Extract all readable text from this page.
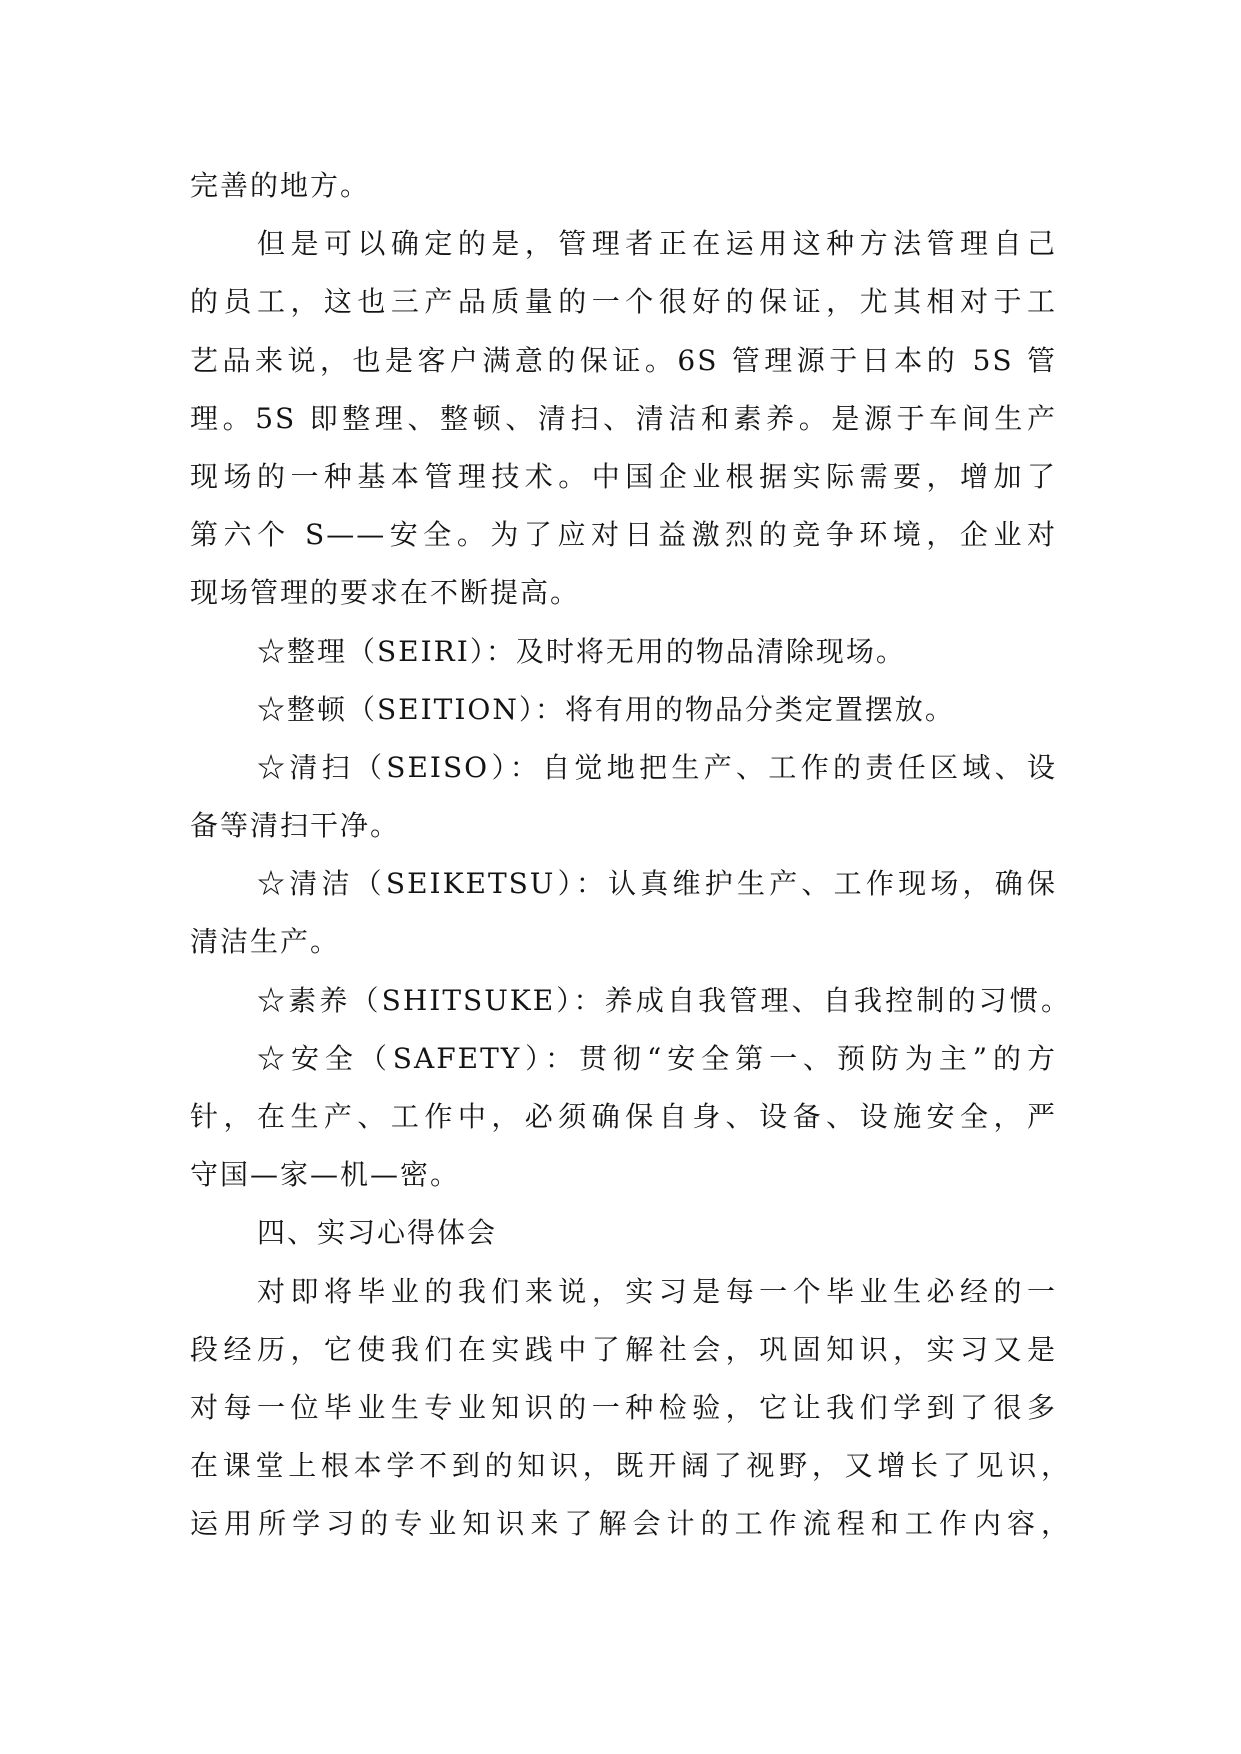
完善的地方。
但是可以确定的是，管理者正在运用这种方法管理自己
的员工，这也三产品质量的一个很好的保证，尤其相对于工
艺品来说，也是客户满意的保证。6S 管理源于日本的 5S 管
理。5S 即整理、整顿、清扫、清洁和素养。是源于车间生产
现场的一种基本管理技术。中国企业根据实际需要，增加了
第六个 S——安全。为了应对日益激烈的竞争环境，企业对
现场管理的要求在不断提高。
☆整理（SEIRI）：及时将无用的物品清除现场。
☆整顿（SEITION）：将有用的物品分类定置摆放。
☆清扫（SEISO）：自觉地把生产、工作的责任区域、设
备等清扫干净。
☆清洁（SEIKETSU）：认真维护生产、工作现场，确保
清洁生产。
☆素养（SHITSUKE）：养成自我管理、自我控制的习惯。
☆安全（SAFETY）：贯彻“安全第一、预防为主”的方
针，在生产、工作中，必须确保自身、设备、设施安全，严
守国—家—机—密。
四、实习心得体会
对即将毕业的我们来说，实习是每一个毕业生必经的一
段经历，它使我们在实践中了解社会，巩固知识，实习又是
对每一位毕业生专业知识的一种检验，它让我们学到了很多
在课堂上根本学不到的知识，既开阔了视野，又增长了见识，
运用所学习的专业知识来了解会计的工作流程和工作内容，
